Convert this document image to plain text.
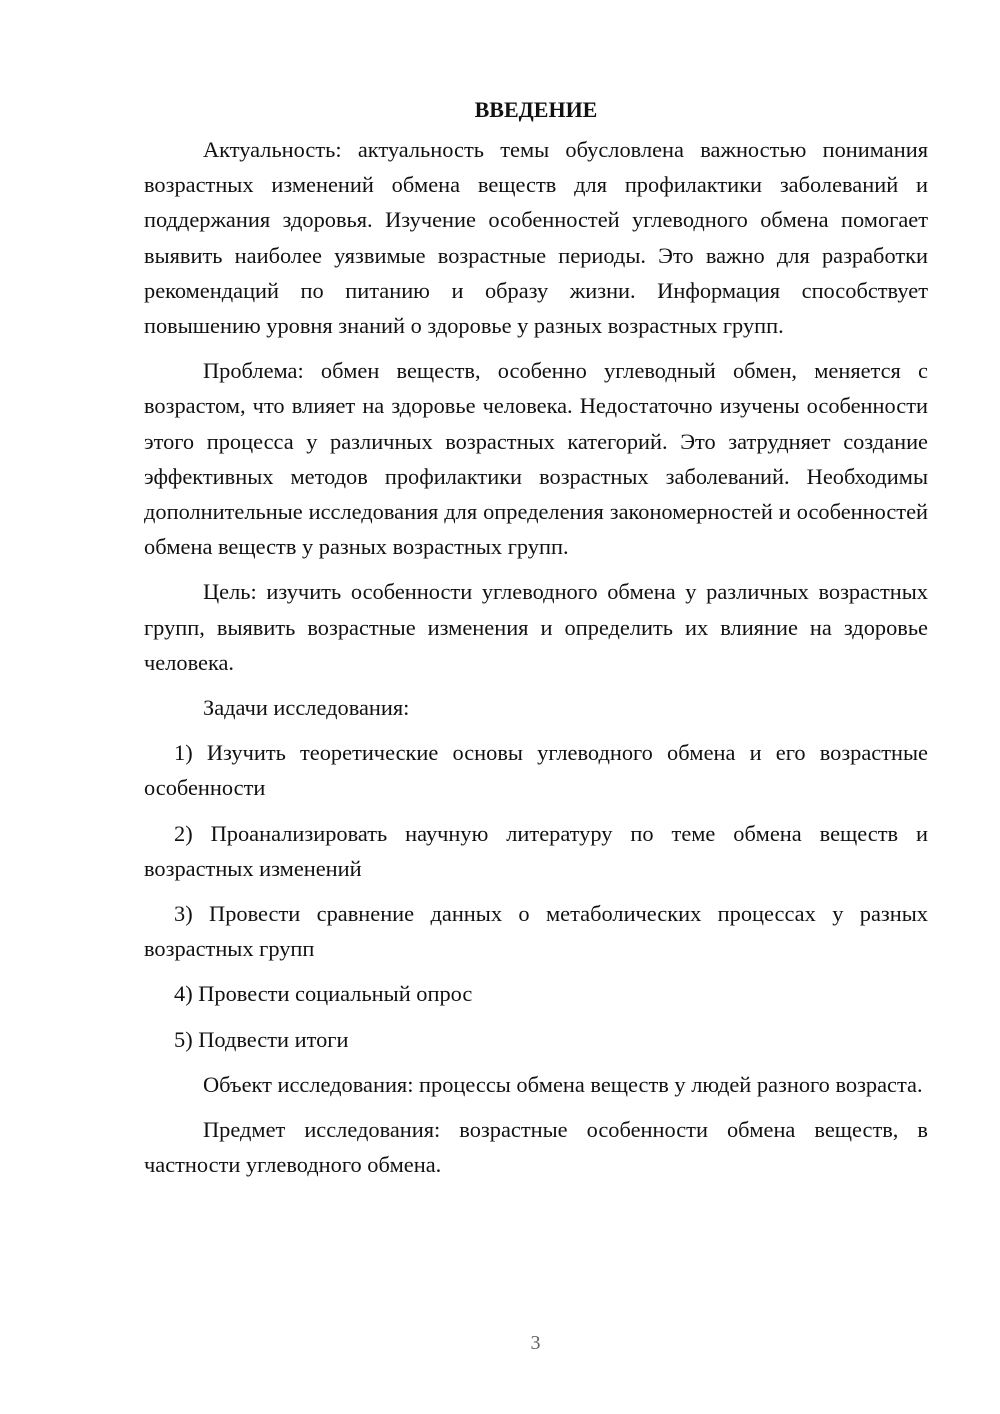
ВВЕДЕНИЕ

Актуальность: актуальность темы обусловлена важностью понимания возрастных изменений обмена веществ для профилактики заболеваний и поддержания здоровья. Изучение особенностей углеводного обмена помогает выявить наиболее уязвимые возрастные периоды. Это важно для разработки рекомендаций по питанию и образу жизни. Информация способствует повышению уровня знаний о здоровье у разных возрастных групп.

Проблема: обмен веществ, особенно углеводный обмен, меняется с возрастом, что влияет на здоровье человека. Недостаточно изучены особенности этого процесса у различных возрастных категорий. Это затрудняет создание эффективных методов профилактики возрастных заболеваний. Необходимы дополнительные исследования для определения закономерностей и особенностей обмена веществ у разных возрастных групп.

Цель: изучить особенности углеводного обмена у различных возрастных групп, выявить возрастные изменения и определить их влияние на здоровье человека.

Задачи исследования:

1) Изучить теоретические основы углеводного обмена и его возрастные особенности

2) Проанализировать научную литературу по теме обмена веществ и возрастных изменений

3) Провести сравнение данных о метаболических процессах у разных возрастных групп

4) Провести социальный опрос

5) Подвести итоги

Объект исследования: процессы обмена веществ у людей разного возраста.

Предмет исследования: возрастные особенности обмена веществ, в частности углеводного обмена.

3
